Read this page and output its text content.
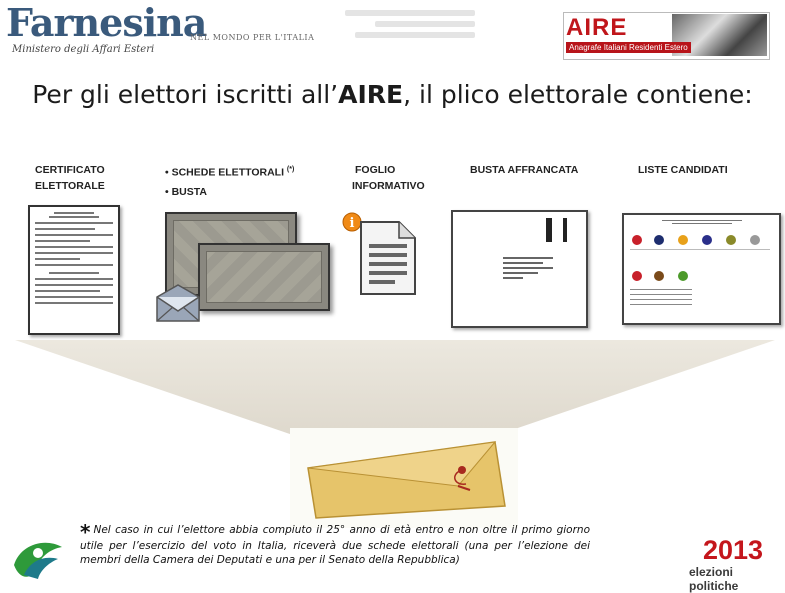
Farnesina
Ministero degli Affari Esteri
NEL MONDO PER L'ITALIA	AIRE
Anagrafe Italiani Residenti Estero
Per gli elettori iscritti all’AIRE, il plico elettorale contiene:
CERTIFICATO
ELETTORALE
• SCHEDE ELETTORALI (*)
• BUSTA
FOGLIO
INFORMATIVO
BUSTA AFFRANCATA	LISTE CANDIDATI
i
* Nel caso in cui l’elettore abbia compiuto il 25° anno di età entro e non oltre il primo giorno utile per l’esercizio del voto in Italia, riceverà due schede elettorali (una per l’elezione dei membri della Camera dei Deputati e una per il Senato della Repubblica)	2013
elezioni politiche
